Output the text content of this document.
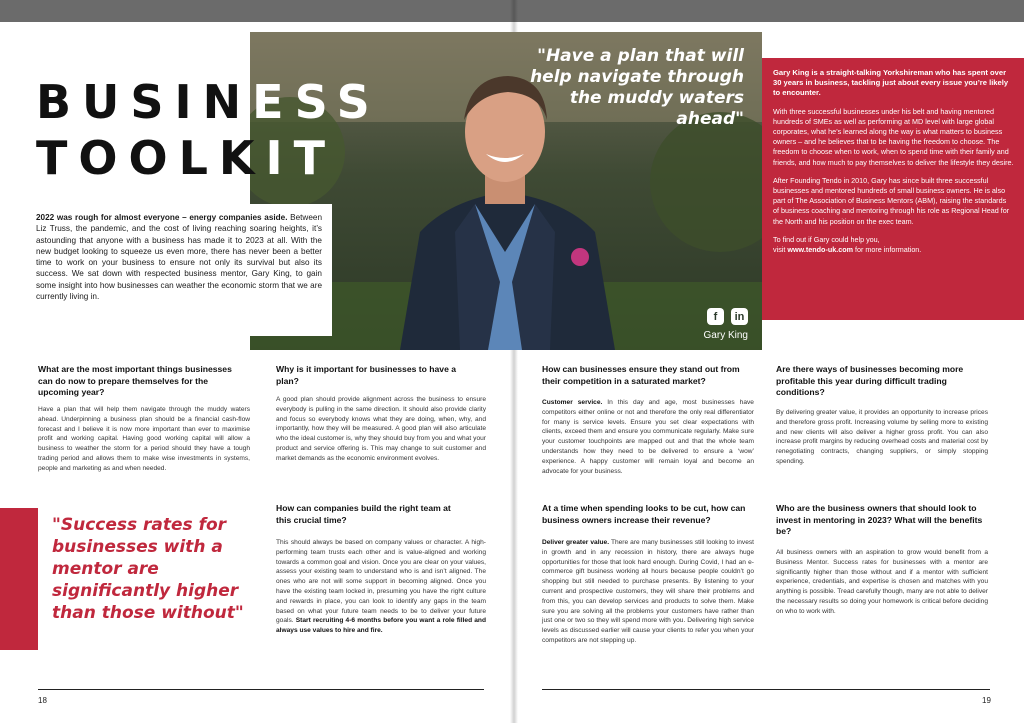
"Have a plan that will help navigate through the muddy waters ahead"
f	in
Gary King
BUSINESS
TOOLKIT
2022 was rough for almost everyone – energy companies aside. Between Liz Truss, the pandemic, and the cost of living reaching soaring heights, it’s astounding that anyone with a business has made it to 2023 at all. With the new budget looking to squeeze us even more, there has never been a better time to work on your business to ensure not only its survival but also its success. We sat down with respected business mentor, Gary King, to gain some insight into how businesses can weather the economic storm that we are currently living in.

Gary King is a straight-talking Yorkshireman who has spent over 30 years in business, tackling just about every issue you’re likely to encounter.

With three successful businesses under his belt and having mentored hundreds of SMEs as well as performing at MD level with large global corporates, what he’s learned along the way is what matters to business owners – and he believes that to be having the freedom to choose. The freedom to choose when to work, when to spend time with their family and friends, and how much to pay themselves to deliver the lifestyle they desire.

After Founding Tendo in 2010, Gary has since built three successful businesses and mentored hundreds of small business owners. He is also part of The Association of Business Mentors (ABM), raising the standards of business coaching and mentoring through his role as Regional Head for the North and his position on the exec team.

To find out if Gary could help you,
visit www.tendo-uk.com for more information.

What are the most important things businesses can do now to prepare themselves for the upcoming year?
Have a plan that will help them navigate through the muddy waters ahead. Underpinning a business plan should be a financial cash-flow forecast and I believe it is now more important than ever to maximise profit and working capital. Having good working capital will allow a business to weather the storm for a period should they have a tough trading period and allows them to make wise investments in systems, people and marketing as and when needed.
Why is it important for businesses to have a plan?
A good plan should provide alignment across the business to ensure everybody is pulling in the same direction. It should also provide clarity and focus so everybody knows what they are doing, when, why, and importantly, how they will be measured. A good plan will also articulate who the ideal customer is, why they should buy from you and what your product and service offering is. This may change to suit customer and market demands as the economic environment evolves.
How can companies build the right team at this crucial time?
This should always be based on company values or character. A high-performing team trusts each other and is value-aligned and working towards a common goal and vision. Once you are clear on your values, assess your existing team to understand who is and isn’t aligned. The ones who are not will some support in becoming aligned. Once you have the existing team locked in, presuming you have the right culture and rewards in place, you can look to identify any gaps in the team based on what your future team needs to be to deliver your future goals. Start recruiting 4-6 months before you want a role filled and always use values to hire and fire.
"Success rates for businesses with a mentor are significantly higher than those without"
How can businesses ensure they stand out from their competition in a saturated market?
Customer service. In this day and age, most businesses have competitors either online or not and therefore the only real differentiator for many is service levels. Ensure you set clear expectations with clients, exceed them and ensure you communicate regularly. Make sure your customer touchpoints are mapped out and that the whole team understands how they need to be delivered to ensure a ‘wow’ experience. A happy customer will remain loyal and become an advocate for your business.
At a time when spending looks to be cut, how can business owners increase their revenue?
Deliver greater value. There are many businesses still looking to invest in growth and in any recession in history, there are always huge opportunities for those that look hard enough. During Covid, I had an e-commerce gift business working all hours because people couldn’t go shopping but still needed to purchase presents. By listening to your current and prospective customers, they will share their problems and from this, you can develop services and products to solve them. Make sure you are solving all the problems your customers have rather than just one or two so they will spend more with you. Delivering high service levels as discussed earlier will cause your clients to refer you when your competitors are not stepping up.
Are there ways of businesses becoming more profitable this year during difficult trading conditions?
By delivering greater value, it provides an opportunity to increase prices and therefore gross profit. Increasing volume by selling more to existing and new clients will also deliver a higher gross profit. You can also increase profit margins by reducing overhead costs and material cost by renegotiating contracts, changing suppliers, or simply stopping spending.
Who are the business owners that should look to invest in mentoring in 2023? What will the benefits be?
All business owners with an aspiration to grow would benefit from a Business Mentor. Success rates for businesses with a mentor are significantly higher than those without and if a mentor with sufficient experience, credentials, and expertise is chosen and matches with you anything is possible. Tread carefully though, many are not able to deliver the necessary results so doing your homework is critical before deciding on who to work with.
18	19
